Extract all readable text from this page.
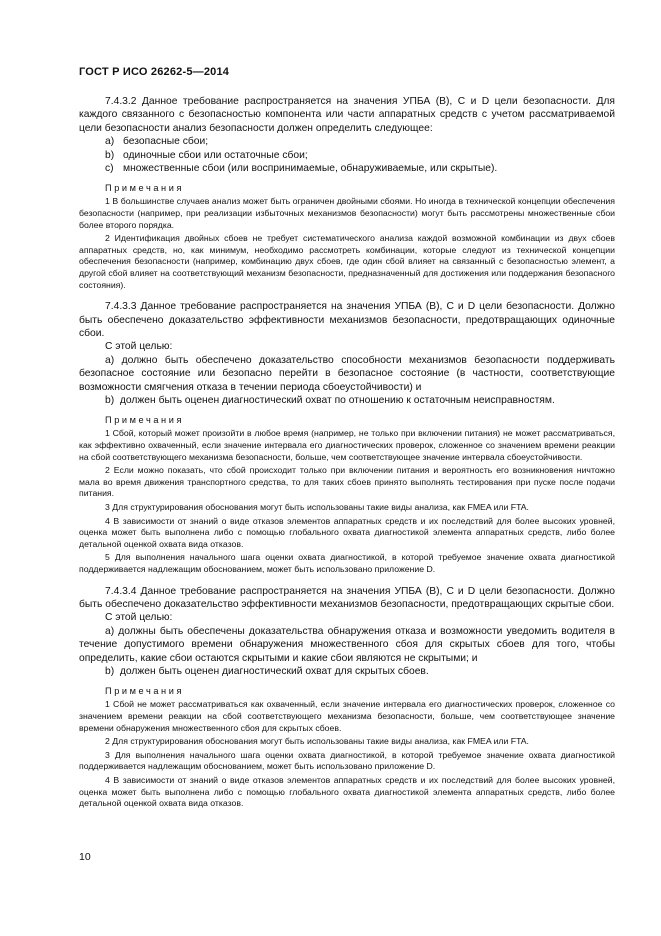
ГОСТ Р ИСО 26262-5—2014

7.4.3.2 Данное требование распространяется на значения УПБА (В), С и D цели безопасности. Для каждого связанного с безопасностью компонента или части аппаратных средств с учетом рассматриваемой цели безопасности анализ безопасности должен определить следующее:

а) безопасные сбои;
b) одиночные сбои или остаточные сбои;
с) множественные сбои (или воспринимаемые, обнаруживаемые, или скрытые).
Примечания

1 В большинстве случаев анализ может быть ограничен двойными сбоями. Но иногда в технической концепции обеспечения безопасности (например, при реализации избыточных механизмов безопасности) могут быть рассмотрены множественные сбои более второго порядка.

2 Идентификация двойных сбоев не требует систематического анализа каждой возможной комбинации из двух сбоев аппаратных средств, но, как минимум, необходимо рассмотреть комбинации, которые следуют из технической концепции обеспечения безопасности (например, комбинацию двух сбоев, где один сбой влияет на связанный с безопасностью элемент, а другой сбой влияет на соответствующий механизм безопасности, предназначенный для достижения или поддержания безопасного состояния).

7.4.3.3 Данное требование распространяется на значения УПБА (В), С и D цели безопасности. Должно быть обеспечено доказательство эффективности механизмов безопасности, предотвращающих одиночные сбои.

С этой целью:

а) должно быть обеспечено доказательство способности механизмов безопасности поддерживать безопасное состояние или безопасно перейти в безопасное состояние (в частности, соответствующие возможности смягчения отказа в течении периода сбоеустойчивости) и

b) должен быть оценен диагностический охват по отношению к остаточным неисправностям.

Примечания

1 Сбой, который может произойти в любое время (например, не только при включении питания) не может рассматриваться, как эффективно охваченный, если значение интервала его диагностических проверок, сложенное со значением времени реакции на сбой соответствующего механизма безопасности, больше, чем соответствующее значение интервала сбоеустойчивости.

2 Если можно показать, что сбой происходит только при включении питания и вероятность его возникновения ничтожно мала во время движения транспортного средства, то для таких сбоев принято выполнять тестирования при пуске после подачи питания.

3 Для структурирования обоснования могут быть использованы такие виды анализа, как FMEA или FTA.

4 В зависимости от знаний о виде отказов элементов аппаратных средств и их последствий для более высоких уровней, оценка может быть выполнена либо с помощью глобального охвата диагностикой элемента аппаратных средств, либо более детальной оценкой охвата вида отказов.

5 Для выполнения начального шага оценки охвата диагностикой, в которой требуемое значение охвата диагностикой поддерживается надлежащим обоснованием, может быть использовано приложение D.

7.4.3.4 Данное требование распространяется на значения УПБА (В), С и D цели безопасности. Должно быть обеспечено доказательство эффективности механизмов безопасности, предотвращающих скрытые сбои.

С этой целью:

а) должны быть обеспечены доказательства обнаружения отказа и возможности уведомить водителя в течение допустимого времени обнаружения множественного сбоя для скрытых сбоев для того, чтобы определить, какие сбои остаются скрытыми и какие сбои являются не скрытыми; и

b) должен быть оценен диагностический охват для скрытых сбоев.

Примечания

1 Сбой не может рассматриваться как охваченный, если значение интервала его диагностических проверок, сложенное со значением времени реакции на сбой соответствующего механизма безопасности, больше, чем соответствующее значение времени обнаружения множественного сбоя для скрытых сбоев.

2 Для структурирования обоснования могут быть использованы такие виды анализа, как FMEA или FTA.

3 Для выполнения начального шага оценки охвата диагностикой, в которой требуемое значение охвата диагностикой поддерживается надлежащим обоснованием, может быть использовано приложение D.

4 В зависимости от знаний о виде отказов элементов аппаратных средств и их последствий для более высоких уровней, оценка может быть выполнена либо с помощью глобального охвата диагностикой элемента аппаратных средств, либо более детальной оценкой охвата вида отказов.

10
